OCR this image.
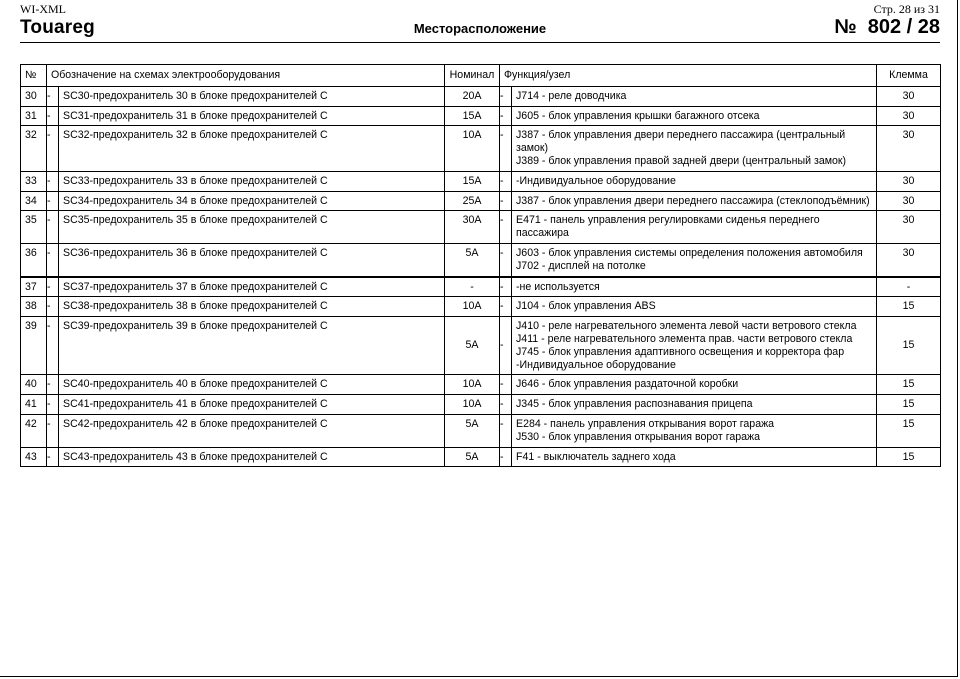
WI-XML
Touareg	Месторасположение
Стр. 28 из 31
№  802 / 28
№	Обозначение на схемах электрооборудования		Номинал	Функция/узел		Клемма
30	-	SC30-предохранитель 30 в блоке предохранителей C	20A	-	J714 - реле доводчика	30
31	-	SC31-предохранитель 31 в блоке предохранителей C	15A	-	J605 - блок управления крышки багажного отсека	30
32	-	SC32-предохранитель 32 в блоке предохранителей C	10A	-	J387 - блок управления двери переднего пассажира (центральный замок)
J389 - блок управления правой задней двери (центральный замок)	30
33	-	SC33-предохранитель 33 в блоке предохранителей C	15A	-	-Индивидуальное оборудование	30
34	-	SC34-предохранитель 34 в блоке предохранителей C	25A	-	J387 - блок управления двери переднего пассажира (стеклоподъёмник)	30
35	-	SC35-предохранитель 35 в блоке предохранителей C	30A	-	E471 - панель управления регулировками сиденья переднего пассажира	30
36	-	SC36-предохранитель 36 в блоке предохранителей C	5A	-	J603 - блок управления системы определения положения автомобиля
J702 - дисплей на потолке	30
37	-	SC37-предохранитель 37 в блоке предохранителей C	-	-	-не используется	-
38	-	SC38-предохранитель 38 в блоке предохранителей C	10A	-	J104 - блок управления ABS	15
39	-	SC39-предохранитель 39 в блоке предохранителей C	5A	-	J410 - реле нагревательного элемента левой части ветрового стекла
J411 - реле нагревательного элемента прав. части ветрового стекла
J745 - блок управления адаптивного освещения и корректора фар
-Индивидуальное оборудование	15
40	-	SC40-предохранитель 40 в блоке предохранителей C	10A	-	J646 - блок управления раздаточной коробки	15
41	-	SC41-предохранитель 41 в блоке предохранителей C	10A	-	J345 - блок управления распознавания прицепа	15
42	-	SC42-предохранитель 42 в блоке предохранителей C	5A	-	E284 - панель управления открывания ворот гаража
J530 - блок управления открывания ворот гаража	15
43	-	SC43-предохранитель 43 в блоке предохранителей C	5A	-	F41 - выключатель заднего хода	15
